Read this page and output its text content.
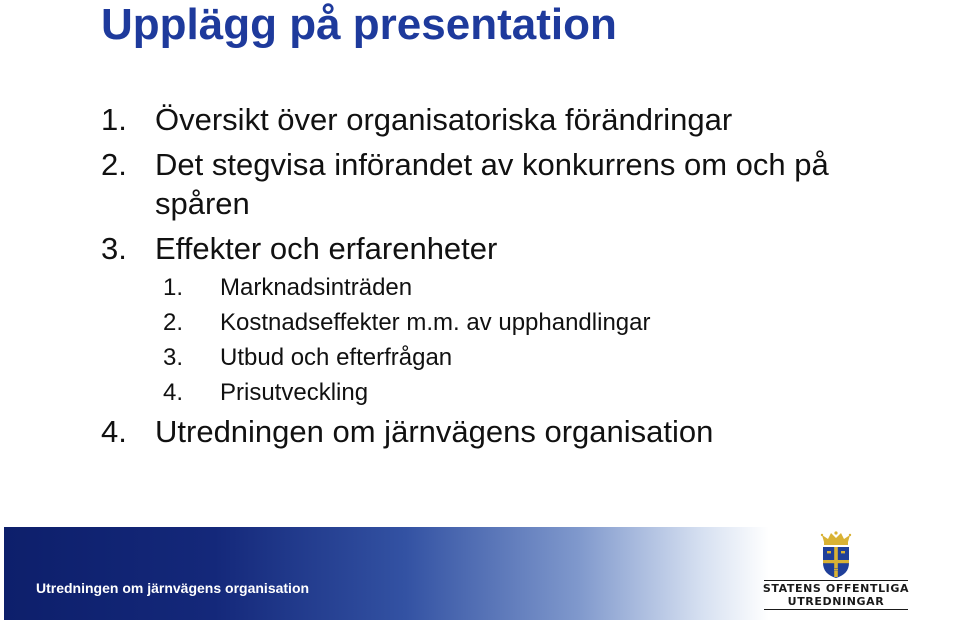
Upplägg på presentation
1. Översikt över organisatoriska förändringar
2. Det stegvisa införandet av konkurrens om och på spåren
3. Effekter och erfarenheter
1.	Marknadsinträden
2.	Kostnadseffekter m.m. av upphandlingar
3.	Utbud och efterfrågan
4.	Prisutveckling
4. Utredningen om järnvägens organisation
Utredningen om järnvägens organisation	STATENS OFFENTLIGA
UTREDNINGAR
